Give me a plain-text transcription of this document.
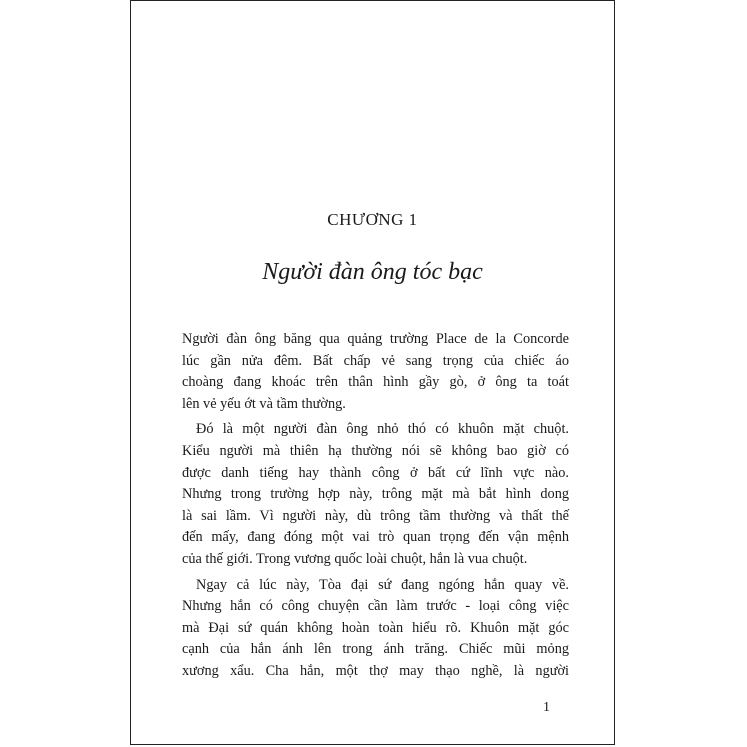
CHƯƠNG 1
Người đàn ông tóc bạc
Người đàn ông băng qua quảng trường Place de la Concorde
lúc gần nửa đêm. Bất chấp vẻ sang trọng của chiếc áo
choàng đang khoác trên thân hình gầy gò, ở ông ta toát
lên vẻ yếu ớt và tầm thường.
Đó là một người đàn ông nhỏ thó có khuôn mặt chuột.
Kiểu người mà thiên hạ thường nói sẽ không bao giờ có
được danh tiếng hay thành công ở bất cứ lĩnh vực nào.
Nhưng trong trường hợp này, trông mặt mà bắt hình dong
là sai lầm. Vì người này, dù trông tầm thường và thất thế
đến mấy, đang đóng một vai trò quan trọng đến vận mệnh
của thế giới. Trong vương quốc loài chuột, hắn là vua chuột.
Ngay cả lúc này, Tòa đại sứ đang ngóng hắn quay về.
Nhưng hắn có công chuyện cần làm trước - loại công việc
mà Đại sứ quán không hoàn toàn hiểu rõ. Khuôn mặt góc
cạnh của hắn ánh lên trong ánh trăng. Chiếc mũi mỏng
xương xẩu. Cha hắn, một thợ may thạo nghề, là người
1
